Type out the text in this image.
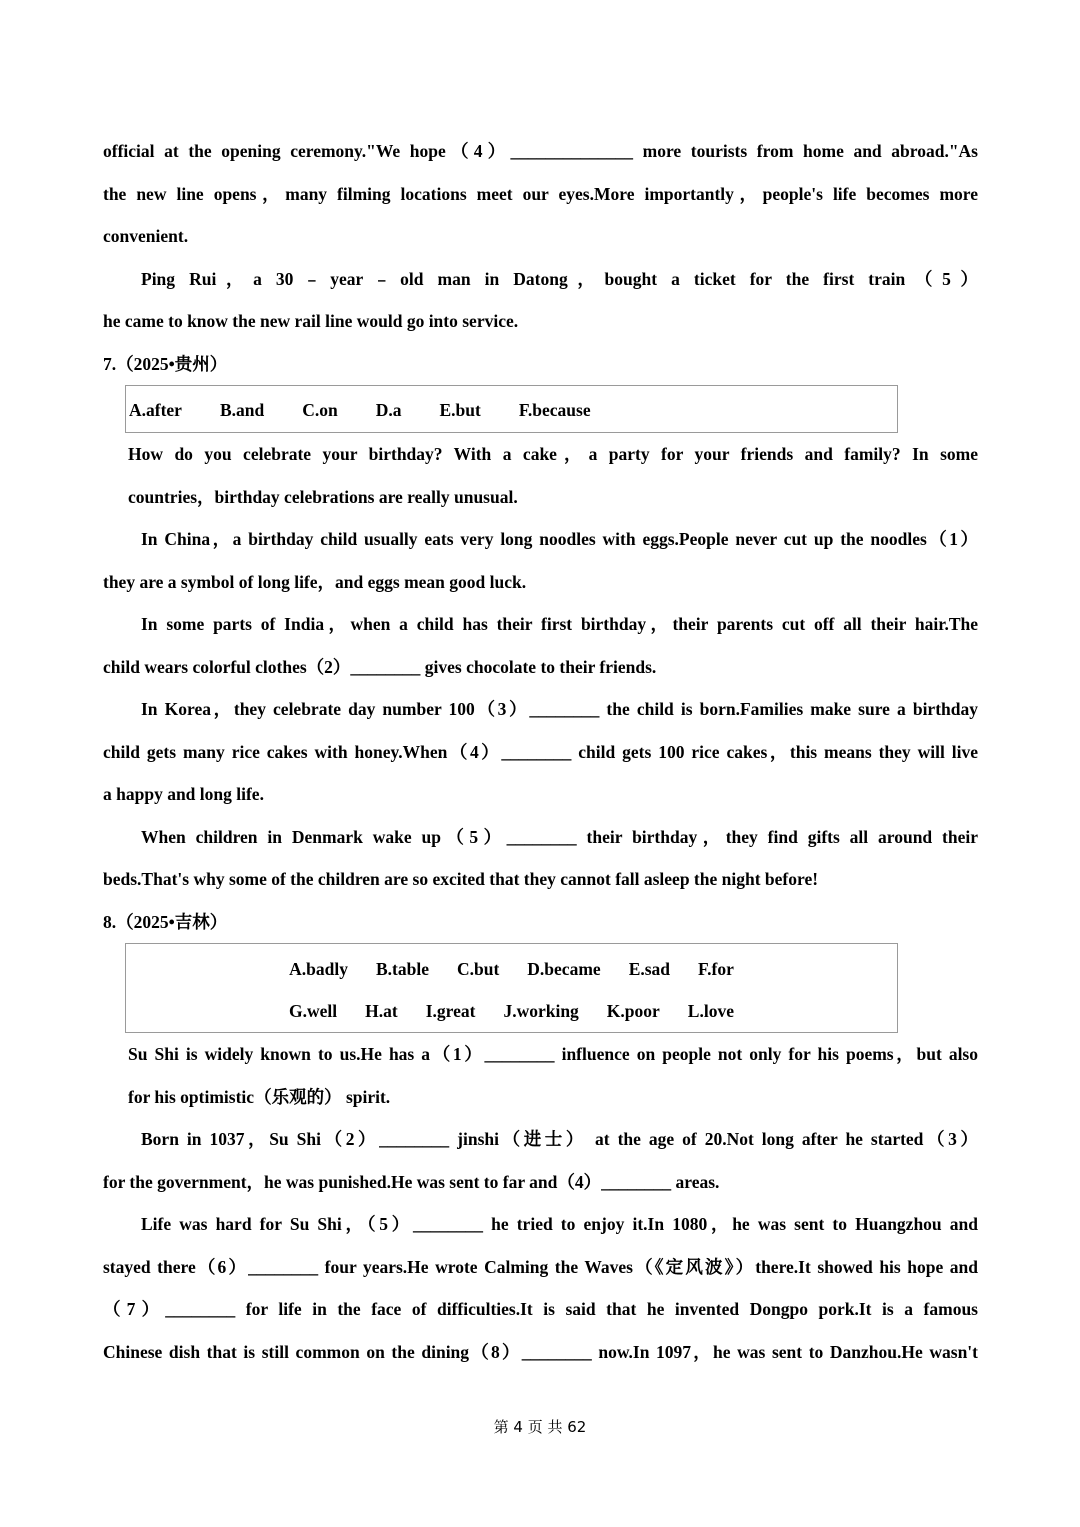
official at the opening ceremony."We hope（4）______________ more tourists from home and abroad."As
the new line opens，many filming locations meet our eyes.More importantly，people's life becomes more
convenient.
Ping Rui，a 30﹣year﹣old man in Datong，bought a ticket for the first train（5）
he came to know the new rail line would go into service.
7.（2025•贵州）
A.after B.and C.on D.a E.but F.because
How do you celebrate your birthday? With a cake，a party for your friends and family? In some
countries，birthday celebrations are really unusual.
In China，a birthday child usually eats very long noodles with eggs.People never cut up the noodles（1）
they are a symbol of long life，and eggs mean good luck.
In some parts of India，when a child has their first birthday，their parents cut off all their hair.The
child wears colorful clothes（2）________ gives chocolate to their friends.
In Korea，they celebrate day number 100（3）________ the child is born.Families make sure a birthday
child gets many rice cakes with honey.When（4）________ child gets 100 rice cakes，this means they will live
a happy and long life.
When children in Denmark wake up（5）________ their birthday，they find gifts all around their
beds.That's why some of the children are so excited that they cannot fall asleep the night before!
8.（2025•吉林）
A.badly B.table C.but D.became E.sad F.for
G.well H.at I.great J.working K.poor L.love
Su Shi is widely known to us.He has a（1）________ influence on people not only for his poems，but also
for his optimistic（乐观的） spirit.
Born in 1037，Su Shi（2）________ jinshi（进士） at the age of 20.Not long after he started（3）
for the government，he was punished.He was sent to far and（4）________ areas.
Life was hard for Su Shi，（5）________ he tried to enjoy it.In 1080，he was sent to Huangzhou and
stayed there（6）________ four years.He wrote Calming the Waves（《定风波》）there.It showed his hope and
（7）________ for life in the face of difficulties.It is said that he invented Dongpo pork.It is a famous
Chinese dish that is still common on the dining（8）________ now.In 1097，he was sent to Danzhou.He wasn't
第 4 页 共 62
